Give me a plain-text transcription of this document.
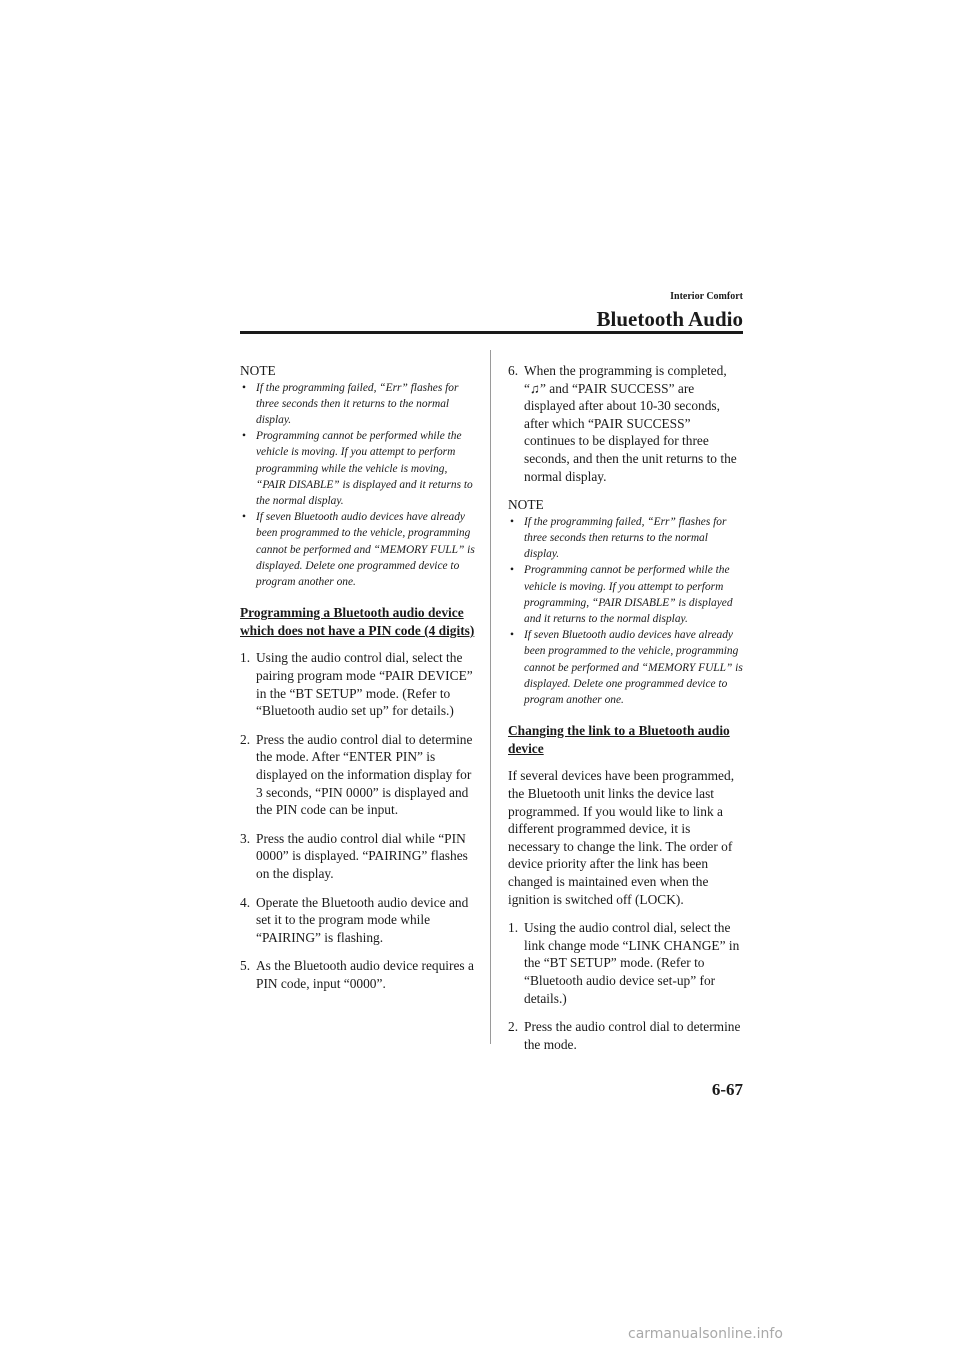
Interior Comfort
Bluetooth Audio

NOTE

• If the programming failed, “Err” flashes for three seconds then it returns to the normal display.
• Programming cannot be performed while the vehicle is moving. If you attempt to perform programming while the vehicle is moving, “PAIR DISABLE” is displayed and it returns to the normal display.
• If seven Bluetooth audio devices have already been programmed to the vehicle, programming cannot be performed and “MEMORY FULL” is displayed. Delete one programmed device to program another one.
Programming a Bluetooth audio device which does not have a PIN code (4 digits)
1. Using the audio control dial, select the pairing program mode “PAIR DEVICE” in the “BT SETUP” mode. (Refer to “Bluetooth audio set up” for details.)
2. Press the audio control dial to determine the mode. After “ENTER PIN” is displayed on the information display for 3 seconds, “PIN 0000” is displayed and the PIN code can be input.
3. Press the audio control dial while “PIN 0000” is displayed. “PAIRING” flashes on the display.
4. Operate the Bluetooth audio device and set it to the program mode while “PAIRING” is flashing.
5. As the Bluetooth audio device requires a PIN code, input “0000”.
6. When the programming is completed, “♫” and “PAIR SUCCESS” are displayed after about 10-30 seconds, after which “PAIR SUCCESS” continues to be displayed for three seconds, and then the unit returns to the normal display.

NOTE

• If the programming failed, “Err” flashes for three seconds then returns to the normal display.
• Programming cannot be performed while the vehicle is moving. If you attempt to perform programming, “PAIR DISABLE” is displayed and it returns to the normal display.
• If seven Bluetooth audio devices have already been programmed to the vehicle, programming cannot be performed and “MEMORY FULL” is displayed. Delete one programmed device to program another one.
Changing the link to a Bluetooth audio device

If several devices have been programmed, the Bluetooth unit links the device last programmed. If you would like to link a different programmed device, it is necessary to change the link. The order of device priority after the link has been changed is maintained even when the ignition is switched off (LOCK).

1. Using the audio control dial, select the link change mode “LINK CHANGE” in the “BT SETUP” mode. (Refer to “Bluetooth audio device set-up” for details.)
2. Press the audio control dial to determine the mode.
6-67
carmanualsonline.info
